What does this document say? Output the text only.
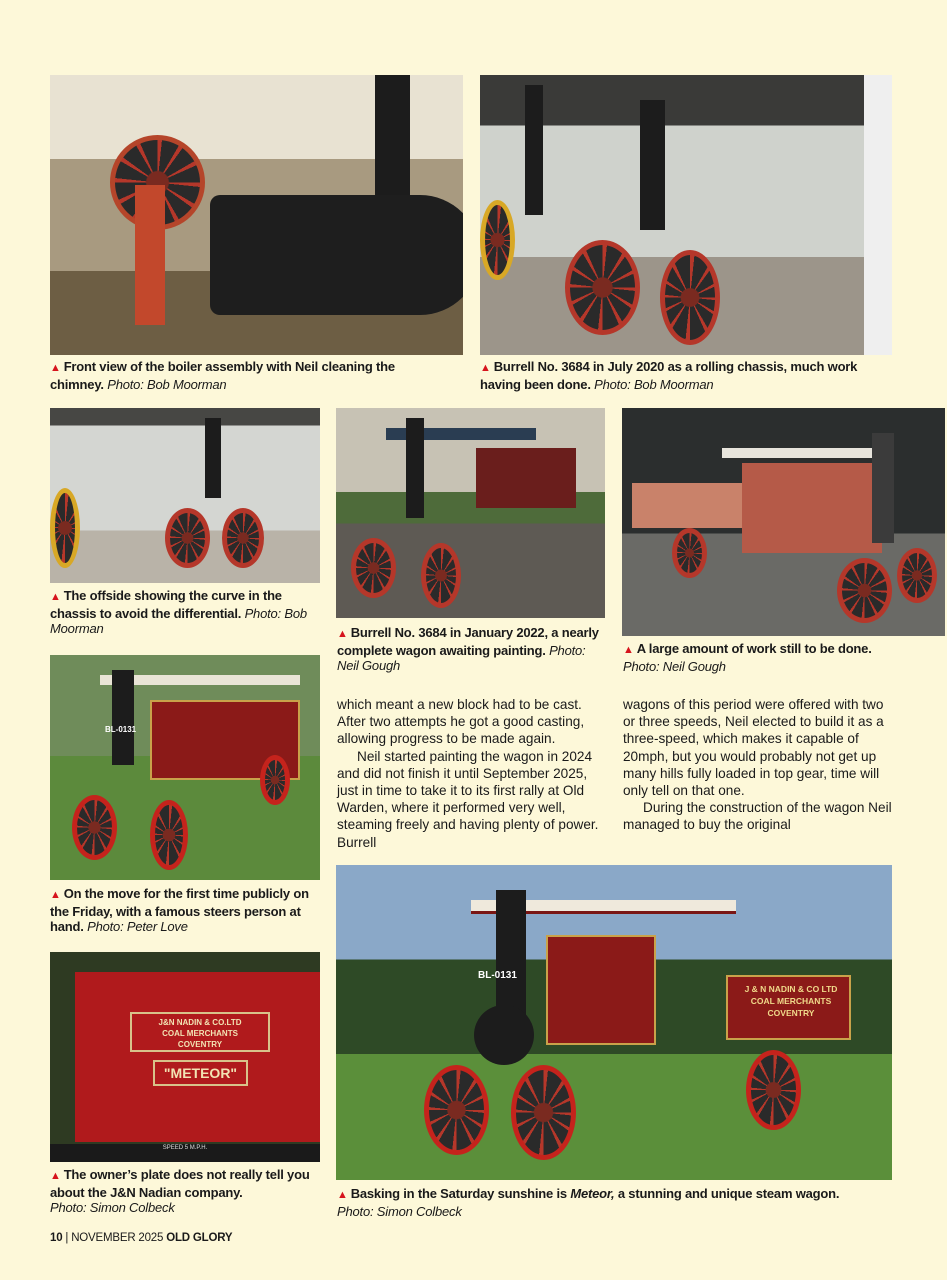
▲ Front view of the boiler assembly with Neil cleaning the chimney. Photo: Bob Moorman
▲ Burrell No. 3684 in July 2020 as a rolling chassis, much work having been done. Photo: Bob Moorman
▲ The offside showing the curve in the chassis to avoid the differential. Photo: Bob Moorman	▲ Burrell No. 3684 in January 2022, a nearly complete wagon awaiting painting. Photo: Neil Gough
▲ A large amount of work still to be done. Photo: Neil Gough

which meant a new block had to be cast. After two attempts he got a good casting, allowing progress to be made again.

Neil started painting the wagon in 2024 and did not finish it until September 2025, just in time to take it to its first rally at Old Warden, where it performed very well, steaming freely and having plenty of power. Burrell

wagons of this period were offered with two or three speeds, Neil elected to build it as a three-speed, which makes it capable of 20mph, but you would probably not get up many hills fully loaded in top gear, time will only tell on that one.

During the construction of the wagon Neil managed to buy the original

BL-0131
▲ On the move for the first time publicly on the Friday, with a famous steers person at hand. Photo: Peter Love
J&N NADIN & CO.LTD
COAL MERCHANTS
COVENTRY
"METEOR"
SPEED 5 M.P.H.
▲ The owner’s plate does not really tell you about the J&N Nadian company.
Photo: Simon Colbeck
BL-0131
J & N NADIN & CO LTD
COAL MERCHANTS
COVENTRY
▲ Basking in the Saturday sunshine is Meteor, a stunning and unique steam wagon.
Photo: Simon Colbeck
10 | NOVEMBER 2025 OLD GLORY
